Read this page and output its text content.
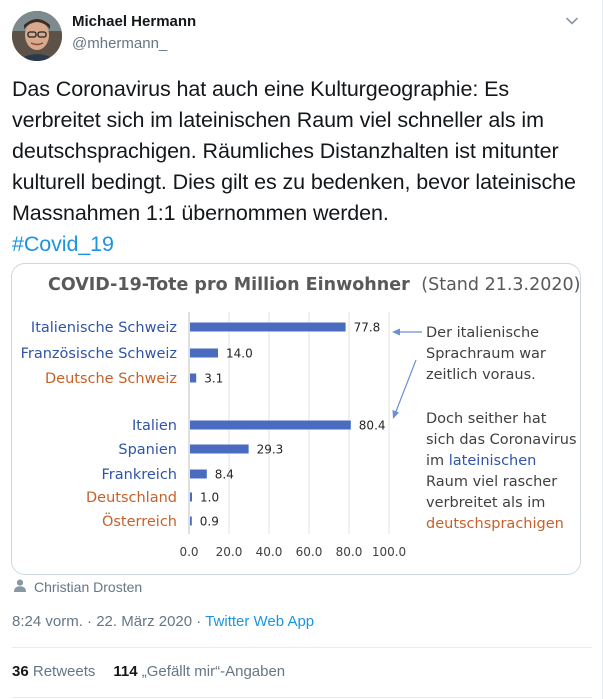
Michael Hermann
@mhermann_
Das Coronavirus hat auch eine Kulturgeographie: Es verbreitet sich im lateinischen Raum viel schneller als im deutschsprachigen. Räumliches Distanzhalten ist mitunter kulturell bedingt. Dies gilt es zu bedenken, bevor lateinische Massnahmen 1:1 übernommen werden.
#Covid_19
COVID-19-Tote pro Million Einwohner (Stand 21.3.2020)
Italienische Schweiz
Französische Schweiz
Deutsche Schweiz
Italien
Spanien
Frankreich
Deutschland
Österreich
77.8
14.0
3.1
80.4
29.3
8.4
1.0
0.9
0.0 20.0 40.0 60.0 80.0 100.0
Der italienische
Sprachraum war
zeitlich voraus.
Doch seither hat
sich das Coronavirus
im lateinischen
Raum viel rascher
verbreitet als im
deutschsprachigen
Christian Drosten
8:24 vorm. · 22. März 2020 · Twitter Web App
36 Retweets 114 „Gefällt mir“-Angaben
